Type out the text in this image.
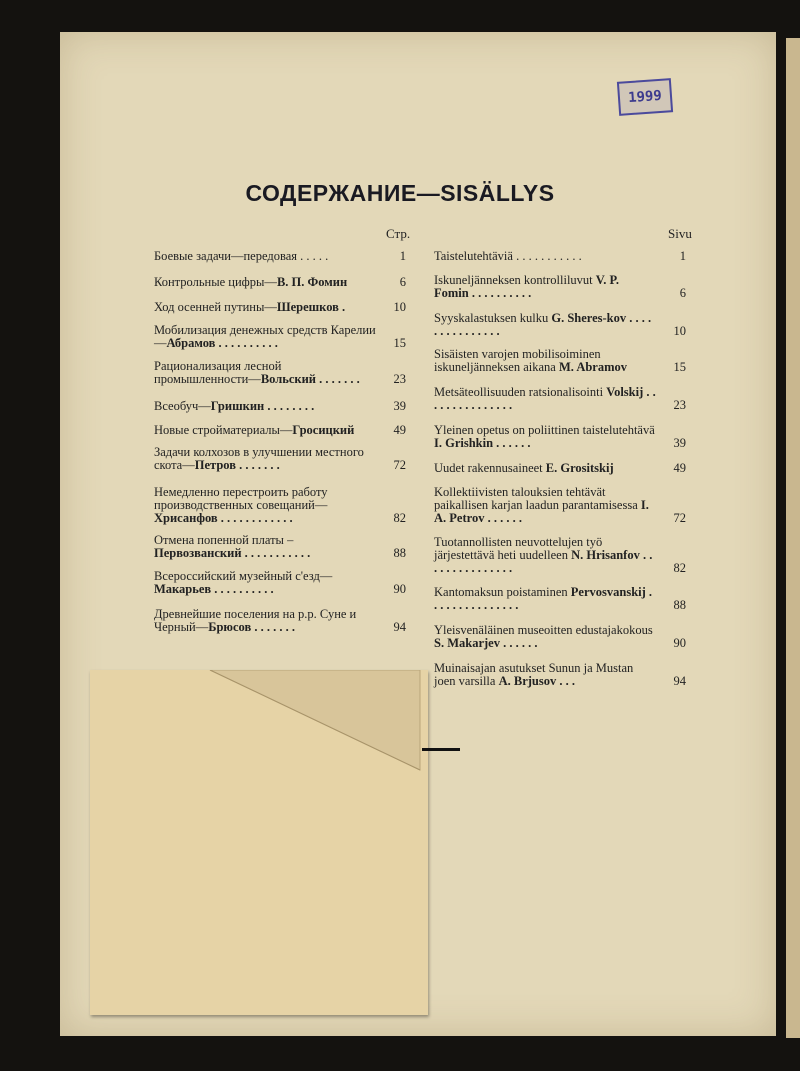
1999
СОДЕРЖАНИЕ—SISÄLLYS
Стр.	Sivu
Боевые задачи—передовая . . . . .	1
Контрольные цифры—В. П. Фомин	6
Ход осенней путины—Шерешков .	10
Мобилизация денежных средств Карелии—Абрамов . . . . . . . . . .	15
Рационализация лесной промышленности—Вольский . . . . . . .	23
Всеобуч—Гришкин . . . . . . . .	39
Новые стройматериалы—Гросицкий	49
Задачи колхозов в улучшении местного скота—Петров . . . . . . .	72
Немедленно перестроить работу производственных совещаний—Хрисанфов . . . . . . . . . . . .	82
Отмена попенной платы – Первозванский . . . . . . . . . . .	88
Всероссийский музейный с'езд—Макарьев . . . . . . . . . .	90
Древнейшие поселения на р.р. Суне и Черный—Брюсов . . . . . . .	94
Taistelutehtäviä . . . . . . . . . . .	1
Iskuneljänneksen kontrolliluvut V. P. Fomin . . . . . . . . . .	6
Syyskalastuksen kulku G. Sheres-kov . . . . . . . . . . . . . . .	10
Sisäisten varojen mobilisoiminen iskuneljänneksen aikana M. Abramov	15
Metsäteollisuuden ratsionalisointi Volskij . . . . . . . . . . . . . . .	23
Yleinen opetus on poliittinen taistelutehtävä I. Grishkin . . . . . .	39
Uudet rakennusaineet E. Grositskij	49
Kollektiivisten talouksien tehtävät paikallisen karjan laadun parantamisessa I. A. Petrov . . . . . .	72
Tuotannollisten neuvottelujen työ järjestettävä heti uudelleen N. Hrisanfov . . . . . . . . . . . . . . .	82
Kantomaksun poistaminen Pervosvanskij . . . . . . . . . . . . . . .	88
Yleisvenäläinen museoitten edustajakokous S. Makarjev . . . . . .	90
Muinaisajan asutukset Sunun ja Mustan joen varsilla A. Brjusov . . .	94
